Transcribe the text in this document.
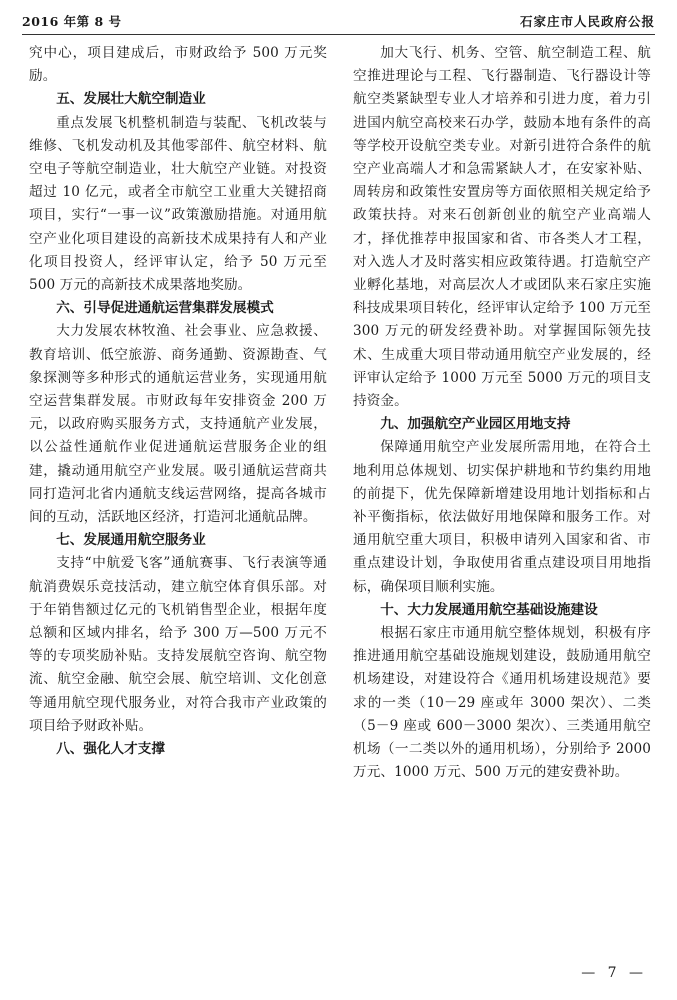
2016 年第 8 号	石家庄市人民政府公报

究中心，项目建成后，市财政给予 500 万元奖励。

五、发展壮大航空制造业

重点发展飞机整机制造与装配、飞机改装与维修、飞机发动机及其他零部件、航空材料、航空电子等航空制造业，壮大航空产业链。对投资超过 10 亿元，或者全市航空工业重大关键招商项目，实行“一事一议”政策激励措施。对通用航空产业化项目建设的高新技术成果持有人和产业化项目投资人，经评审认定，给予 50 万元至 500 万元的高新技术成果落地奖励。

六、引导促进通航运营集群发展模式

大力发展农林牧渔、社会事业、应急救援、教育培训、低空旅游、商务通勤、资源勘查、气象探测等多种形式的通航运营业务，实现通用航空运营集群发展。市财政每年安排资金 200 万元，以政府购买服务方式，支持通航产业发展，以公益性通航作业促进通航运营服务企业的组建，撬动通用航空产业发展。吸引通航运营商共同打造河北省内通航支线运营网络，提高各城市间的互动，活跃地区经济，打造河北通航品牌。

七、发展通用航空服务业

支持“中航爱飞客”通航赛事、飞行表演等通航消费娱乐竞技活动，建立航空体育俱乐部。对于年销售额过亿元的飞机销售型企业，根据年度总额和区域内排名，给予 300 万—500 万元不等的专项奖励补贴。支持发展航空咨询、航空物流、航空金融、航空会展、航空培训、文化创意等通用航空现代服务业，对符合我市产业政策的项目给予财政补贴。

八、强化人才支撑

加大飞行、机务、空管、航空制造工程、航空推进理论与工程、飞行器制造、飞行器设计等航空类紧缺型专业人才培养和引进力度，着力引进国内航空高校来石办学，鼓励本地有条件的高等学校开设航空类专业。对新引进符合条件的航空产业高端人才和急需紧缺人才，在安家补贴、周转房和政策性安置房等方面依照相关规定给予政策扶持。对来石创新创业的航空产业高端人才，择优推荐申报国家和省、市各类人才工程，对入选人才及时落实相应政策待遇。打造航空产业孵化基地，对高层次人才或团队来石家庄实施科技成果项目转化，经评审认定给予 100 万元至 300 万元的研发经费补助。对掌握国际领先技术、生成重大项目带动通用航空产业发展的，经评审认定给予 1000 万元至 5000 万元的项目支持资金。

九、加强航空产业园区用地支持

保障通用航空产业发展所需用地，在符合土地利用总体规划、切实保护耕地和节约集约用地的前提下，优先保障新增建设用地计划指标和占补平衡指标，依法做好用地保障和服务工作。对通用航空重大项目，积极申请列入国家和省、市重点建设计划，争取使用省重点建设项目用地指标，确保项目顺利实施。

十、大力发展通用航空基础设施建设

根据石家庄市通用航空整体规划，积极有序推进通用航空基础设施规划建设，鼓励通用航空机场建设，对建设符合《通用机场建设规范》要求的一类（10－29 座或年 3000 架次）、二类（5－9 座或 600－3000 架次）、三类通用航空机场（一二类以外的通用机场），分别给予 2000 万元、1000 万元、500 万元的建安费补助。

— 7 —
